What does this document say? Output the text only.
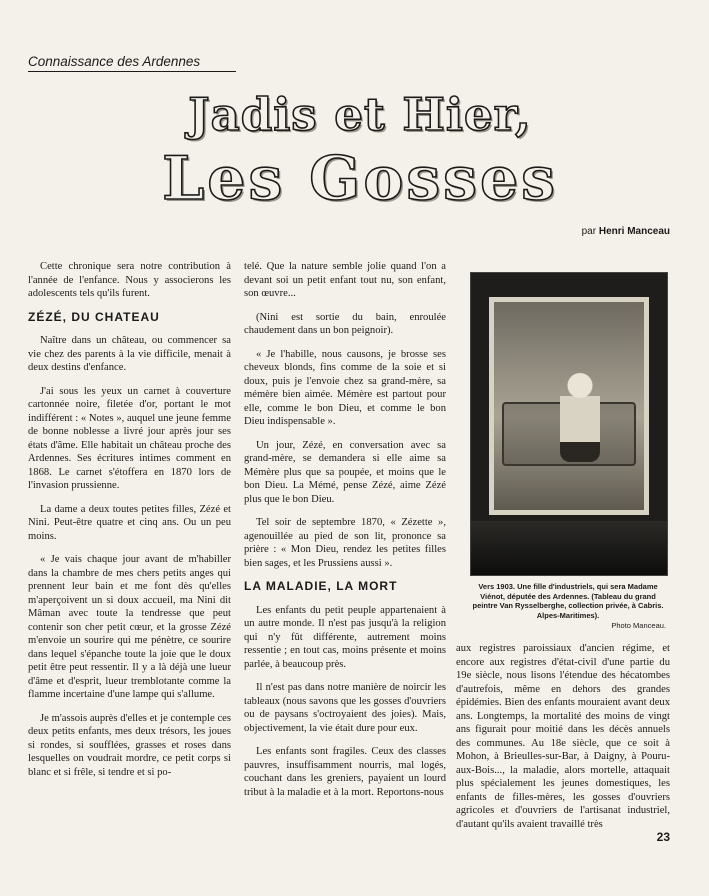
Connaissance des Ardennes
Jadis et Hier,
Les Gosses
par Henri Manceau

Cette chronique sera notre contribution à l'année de l'enfance. Nous y associerons les adolescents tels qu'ils furent.

ZÉZÉ, DU CHATEAU

Naître dans un château, ou commencer sa vie chez des parents à la vie difficile, menait à deux destins d'enfance.

J'ai sous les yeux un carnet à couverture cartonnée noire, filetée d'or, portant le mot indifférent : « Notes », auquel une jeune femme de bonne noblesse a livré jour après jour ses états d'âme. Elle habitait un château proche des Ardennes. Ses écritures intimes comment en 1868. Le carnet s'étoffera en 1870 lors de l'invasion prussienne.

La dame a deux toutes petites filles, Zézé et Nini. Peut-être quatre et cinq ans. Ou un peu moins.

« Je vais chaque jour avant de m'habiller dans la chambre de mes chers petits anges qui prennent leur bain et me font dès qu'elles m'aperçoivent un si doux accueil, ma Nini dit Mâman avec toute la tendresse que peut contenir son cher petit cœur, et la grosse Zézé m'envoie un sourire qui me pénètre, ce sourire dans lequel s'épanche toute la joie que le doux petit être peut ressentir. Il y a là déjà une lueur d'âme et d'esprit, lueur tremblotante comme la flamme incertaine d'une lampe qui s'allume.

Je m'assois auprès d'elles et je contemple ces deux petits enfants, mes deux trésors, les joues si rondes, si soufflées, grasses et roses dans lesquelles on voudrait mordre, ce petit corps si blanc et si frêle, si tendre et si po-

telé. Que la nature semble jolie quand l'on a devant soi un petit enfant tout nu, son enfant, son œuvre...

(Nini est sortie du bain, enroulée chaudement dans un bon peignoir).

« Je l'habille, nous causons, je brosse ses cheveux blonds, fins comme de la soie et si doux, puis je l'envoie chez sa grand-mère, sa mémère bien aimée. Mémère est partout pour elle, comme le bon Dieu, et comme le bon Dieu indispensable ».

Un jour, Zézé, en conversation avec sa grand-mère, se demandera si elle aime sa Mémère plus que sa poupée, et moins que le bon Dieu. La Mémé, pense Zézé, aime Zézé plus que le bon Dieu.

Tel soir de septembre 1870, « Zézette », agenouillée au pied de son lit, prononce sa prière : « Mon Dieu, rendez les petites filles bien sages, et les Prussiens aussi ».

LA MALADIE, LA MORT

Les enfants du petit peuple appartenaient à un autre monde. Il n'est pas jusqu'à la religion qui n'y fût différente, autrement moins ressentie ; en tout cas, moins présente et moins parlée, à beaucoup près.

Il n'est pas dans notre manière de noircir les tableaux (nous savons que les gosses d'ouvriers ou de paysans s'octroyaient des joies). Mais, objectivement, la vie était dure pour eux.

Les enfants sont fragiles. Ceux des classes pauvres, insuffisamment nourris, mal logés, couchant dans les greniers, payaient un lourd tribut à la maladie et à la mort. Reportons-nous

Vers 1903. Une fille d'industriels, qui sera Madame Viénot, députée des Ardennes. (Tableau du grand peintre Van Rysselberghe, collection privée, à Cabris. Alpes-Maritimes).
Photo Manceau.

aux registres paroissiaux d'ancien régime, et encore aux registres d'état-civil d'une partie du 19e siècle, nous lisons l'étendue des hécatombes d'autrefois, même en dehors des grandes épidémies. Bien des enfants mouraient avant deux ans. Longtemps, la mortalité des moins de vingt ans figurait pour moitié dans les décès annuels des communes. Au 18e siècle, que ce soit à Mohon, à Brieulles-sur-Bar, à Daigny, à Pouru-aux-Bois..., la maladie, alors mortelle, attaquait plus spécialement les jeunes domestiques, les enfants de filles-mères, les gosses d'ouvriers agricoles et d'ouvriers de l'artisanat industriel, d'autant qu'ils avaient travaillé très

23
